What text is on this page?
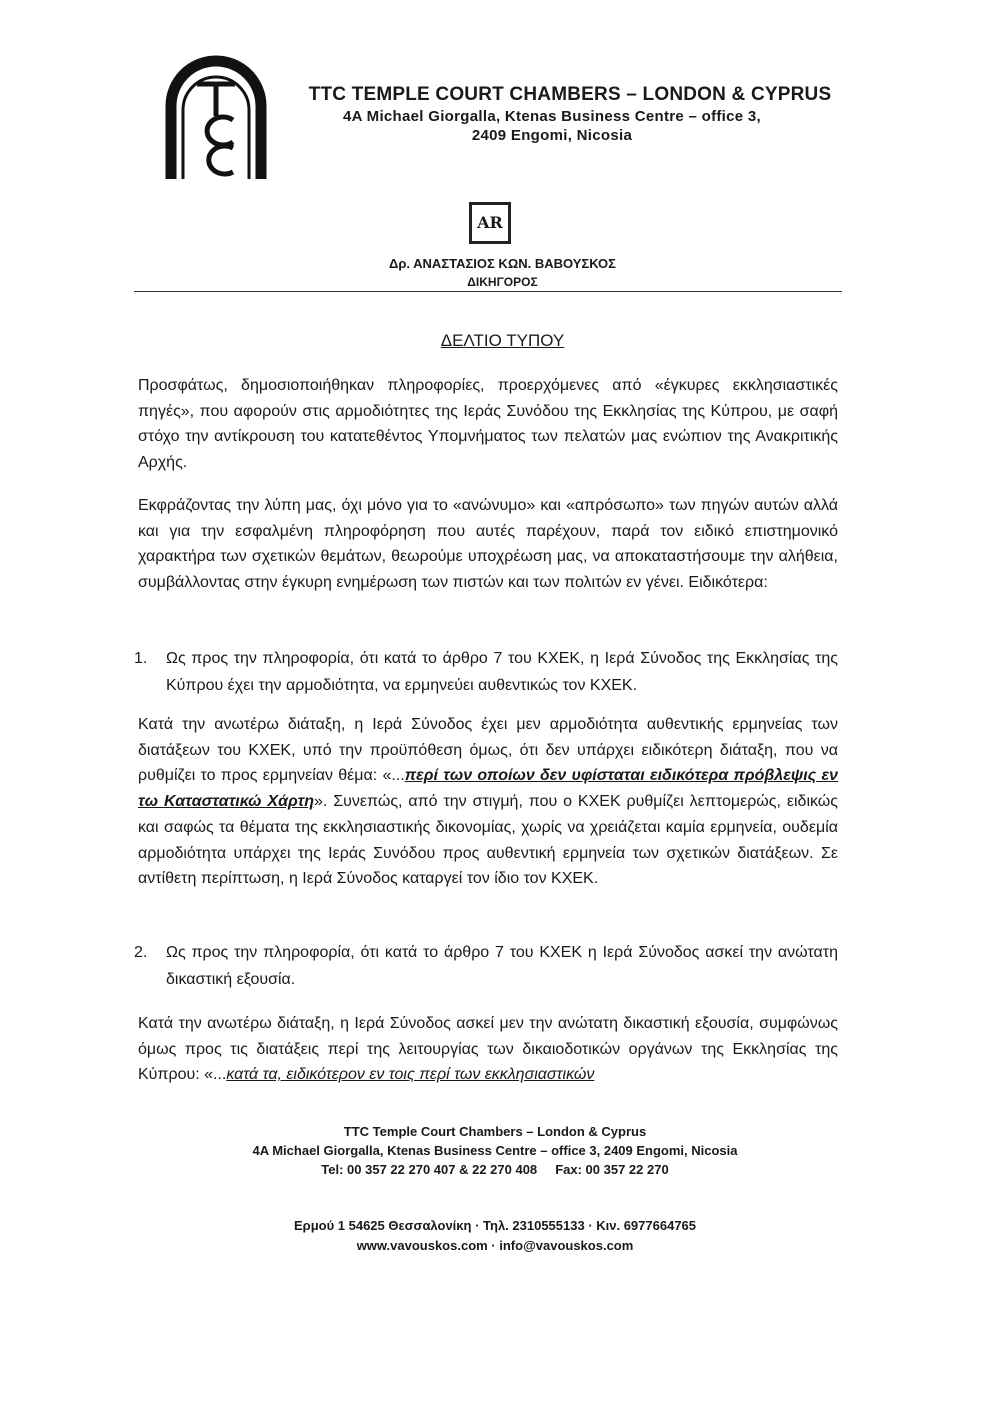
TTC TEMPLE COURT CHAMBERS – LONDON & CYPRUS
4A Michael Giorgalla, Ktenas Business Centre – office 3,
2409 Engomi, Nicosia
AR
Δρ. ΑΝΑΣΤΑΣΙΟΣ ΚΩΝ. ΒΑΒΟΥΣΚΟΣ
ΔΙΚΗΓΟΡΟΣ
ΔΕΛΤΙΟ ΤΥΠΟΥ
Προσφάτως, δημοσιοποιήθηκαν πληροφορίες, προερχόμενες από «έγκυρες εκκλησιαστικές πηγές», που αφορούν στις αρμοδιότητες της Ιεράς Συνόδου της Εκκλησίας της Κύπρου, με σαφή στόχο την αντίκρουση του κατατεθέντος Υπομνήματος των πελατών μας ενώπιον της Ανακριτικής Αρχής.
Εκφράζοντας την λύπη μας, όχι μόνο για το «ανώνυμο» και «απρόσωπο» των πηγών αυτών αλλά και για την εσφαλμένη πληροφόρηση που αυτές παρέχουν, παρά τον ειδικό επιστημονικό χαρακτήρα των σχετικών θεμάτων, θεωρούμε υποχρέωση μας, να αποκαταστήσουμε την αλήθεια, συμβάλλοντας στην έγκυρη ενημέρωση των πιστών και των πολιτών εν γένει. Ειδικότερα:
1.	Ως προς την πληροφορία, ότι κατά το άρθρο 7 του ΚΧΕΚ, η Ιερά Σύνοδος της Εκκλησίας της Κύπρου έχει την αρμοδιότητα, να ερμηνεύει αυθεντικώς τον ΚΧΕΚ.
Κατά την ανωτέρω διάταξη, η Ιερά Σύνοδος έχει μεν αρμοδιότητα αυθεντικής ερμηνείας των διατάξεων του ΚΧΕΚ, υπό την προϋπόθεση όμως, ότι δεν υπάρχει ειδικότερη διάταξη, που να ρυθμίζει το προς ερμηνείαν θέμα: «...περί των οποίων δεν υφίσταται ειδικότερα πρόβλεψις εν τω Καταστατικώ Χάρτη». Συνεπώς, από την στιγμή, που ο ΚΧΕΚ ρυθμίζει λεπτομερώς, ειδικώς και σαφώς τα θέματα της εκκλησιαστικής δικονομίας, χωρίς να χρειάζεται καμία ερμηνεία, ουδεμία αρμοδιότητα υπάρχει της Ιεράς Συνόδου προς αυθεντική ερμηνεία των σχετικών διατάξεων. Σε αντίθετη περίπτωση, η Ιερά Σύνοδος καταργεί τον ίδιο τον ΚΧΕΚ.
2.	Ως προς την πληροφορία, ότι κατά το άρθρο 7 του ΚΧΕΚ η Ιερά Σύνοδος ασκεί την ανώτατη δικαστική εξουσία.
Κατά την ανωτέρω διάταξη, η Ιερά Σύνοδος ασκεί μεν την ανώτατη δικαστική εξουσία, συμφώνως όμως προς τις διατάξεις περί της λειτουργίας των δικαιοδοτικών οργάνων της Εκκλησίας της Κύπρου: «...κατά τα, ειδικότερον εν τοις περί των εκκλησιαστικών
TTC Temple Court Chambers – London & Cyprus
4A Michael Giorgalla, Ktenas Business Centre – office 3, 2409 Engomi, Nicosia
Tel: 00 357 22 270 407 & 22 270 408     Fax: 00 357 22 270
Ερμού 1 54625 Θεσσαλονίκη · Τηλ. 2310555133 · Κιν. 6977664765
www.vavouskos.com · info@vavouskos.com
